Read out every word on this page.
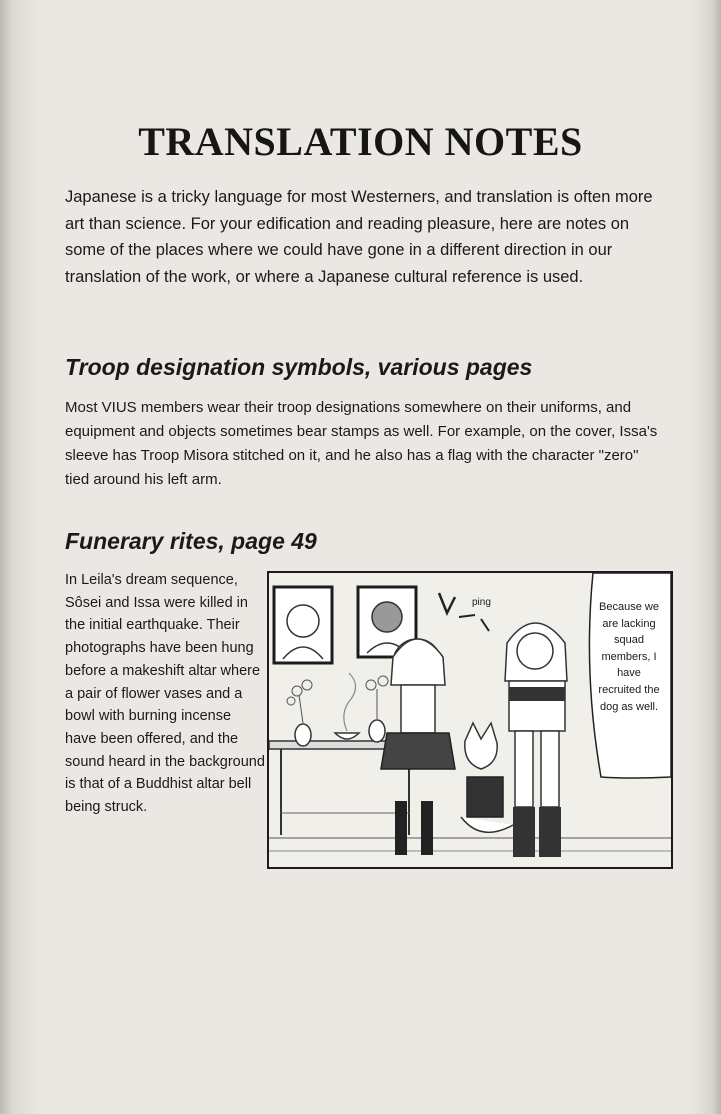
TRANSLATION NOTES

Japanese is a tricky language for most Westerners, and translation is often more art than science. For your edification and reading pleasure, here are notes on some of the places where we could have gone in a different direction in our translation of the work, or where a Japanese cultural reference is used.

Troop designation symbols, various pages

Most VIUS members wear their troop designations somewhere on their uniforms, and equipment and objects sometimes bear stamps as well. For example, on the cover, Issa's sleeve has Troop Misora stitched on it, and he also has a flag with the character "zero" tied around his left arm.

Funerary rites, page 49

In Leila's dream sequence, Sôsei and Issa were killed in the initial earthquake. Their photographs have been hung before a makeshift altar where a pair of flower vases and a bowl with burning incense have been offered, and the sound heard in the background is that of a Buddhist altar bell being struck.

ping	Because we are lacking squad members, I have recruited the dog as well.
